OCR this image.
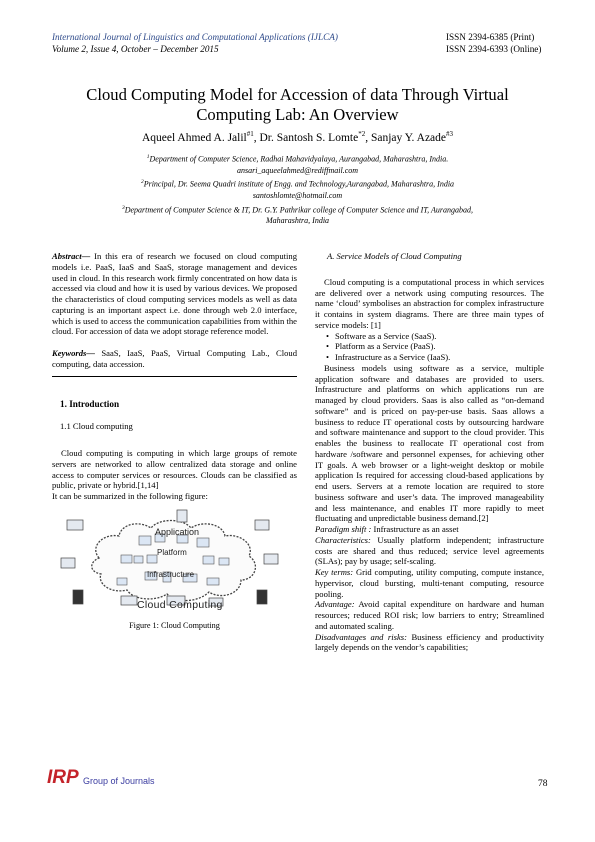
International Journal of Linguistics and Computational Applications (IJLCA)
Volume 2, Issue 4, October – December 2015
ISSN 2394-6385 (Print)
ISSN 2394-6393 (Online)
Cloud Computing Model for Accession of data Through Virtual Computing Lab: An Overview
Aqueel Ahmed A. Jalil$^{\#1}$, Dr. Santosh S. Lomte$^{*2}$, Sanjay Y. Azade$^{\#3}$
$^1$Department of Computer Science, Radhai Mahavidyalaya, Aurangabad, Maharashtra, India.
ansari_aqueelahmed@rediffmail.com
$^2$Principal, Dr. Seema Quadri institute of Engg. and Technology,Aurangabad, Maharashtra, India
santoshlomte@hotmail.com
$^3$Department of Computer Science & IT, Dr. G.Y. Pathrikar college of Computer Science and IT, Aurangabad, Maharashtra, India
Abstract— In this era of research we focused on cloud computing models i.e. PaaS, IaaS and SaaS, storage management and devices used in cloud. In this research work firmly concentrated on how data is accessed via cloud and how it is used by various devices. We proposed the characteristics of cloud computing services models as well as data capturing is an important aspect i.e. done through web 2.0 interface, which is used to access the communication capabilities from within the cloud. For accession of data we adopt storage reference model.
Keywords— SaaS, IaaS, PaaS, Virtual Computing Lab., Cloud computing, data accession.
1. Introduction
1.1 Cloud computing
Cloud computing is computing in which large groups of remote servers are networked to allow centralized data storage and online access to computer services or resources. Clouds can be classified as public, private or hybrid.[1,14]
It can be summarized in the following figure:
Application
Platform
Infrastructure
Cloud Computing
Figure 1: Cloud Computing
A. Service Models of Cloud Computing
Cloud computing is a computational process in which services are delivered over a network using computing resources. The name ‘cloud’ symbolises an abstraction for complex infrastructure it contains in system diagrams. There are three main types of service models: [1]
• Software as a Service (SaaS).
• Platform as a Service (PaaS).
• Infrastructure as a Service (IaaS).
Business models using software as a service, multiple application software and databases are provided to users. Infrastructure and platforms on which applications run are managed by cloud providers. Saas is also called as “on-demand software” and is priced on pay-per-use basis. Saas allows a business to reduce IT operational costs by outsourcing hardware and software maintenance and support to the cloud provider. This enables the business to reallocate IT operational cost from hardware /software and personnel expenses, for achieving other IT goals. A web browser or a light-weight desktop or mobile application Is required for accessing cloud-based applications by end users. Servers at a remote location are required to store business software and user’s data. The improved manageability and less maintenance, and enables IT more rapidly to meet fluctuating and unpredictable business demand.[2]
Paradigm shift : Infrastructure as an asset
Characteristics: Usually platform independent; infrastructure costs are shared and thus reduced; service level agreements (SLAs); pay by usage; self-scaling.
Key terms: Grid computing, utility computing, compute instance, hypervisor, cloud bursting, multi-tenant computing, resource pooling.
Advantage: Avoid capital expenditure on hardware and human resources; reduced ROI risk; low barriers to entry; Streamlined and automated scaling.
Disadvantages and risks: Business efficiency and productivity largely depends on the vendor’s capabilities;
IRP Group of Journals	78
